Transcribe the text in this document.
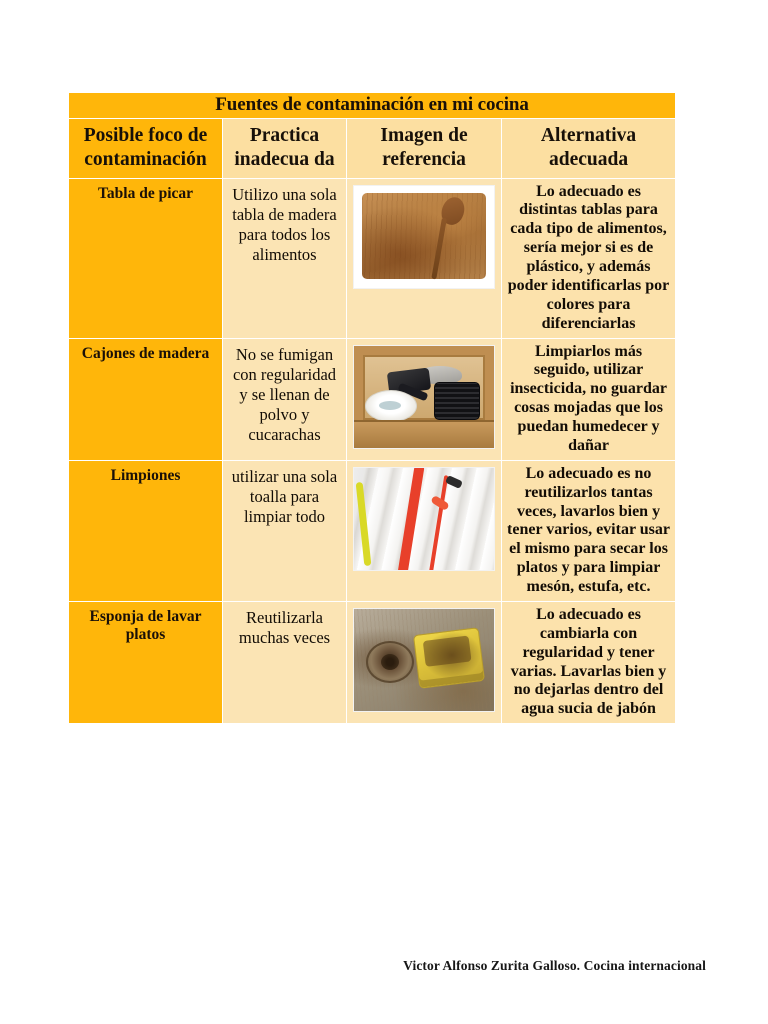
Fuentes de contaminación en mi cocina			

Posible foco de contaminación	Practica inadecua da	Imagen de referencia	Alternativa adecuada
Tabla de picar	Utilizo una sola tabla de madera para todos los alimentos		Lo adecuado es distintas tablas para cada tipo de alimentos, sería mejor si es de plástico, y además poder identificarlas por colores para diferenciarlas
Cajones de madera	No se fumigan con regularidad y se llenan de polvo y cucarachas		Limpiarlos más seguido, utilizar insecticida, no guardar cosas mojadas que los puedan humedecer y dañar
Limpiones	utilizar una sola toalla para limpiar todo		Lo adecuado es no reutilizarlos tantas veces, lavarlos bien y tener varios, evitar usar el mismo para secar los platos y para limpiar mesón, estufa, etc.
Esponja de lavar platos	Reutilizarla muchas veces		Lo adecuado es cambiarla con regularidad y tener varias. Lavarlas bien y no dejarlas dentro del agua sucia de jabón
Victor Alfonso Zurita Galloso. Cocina internacional
